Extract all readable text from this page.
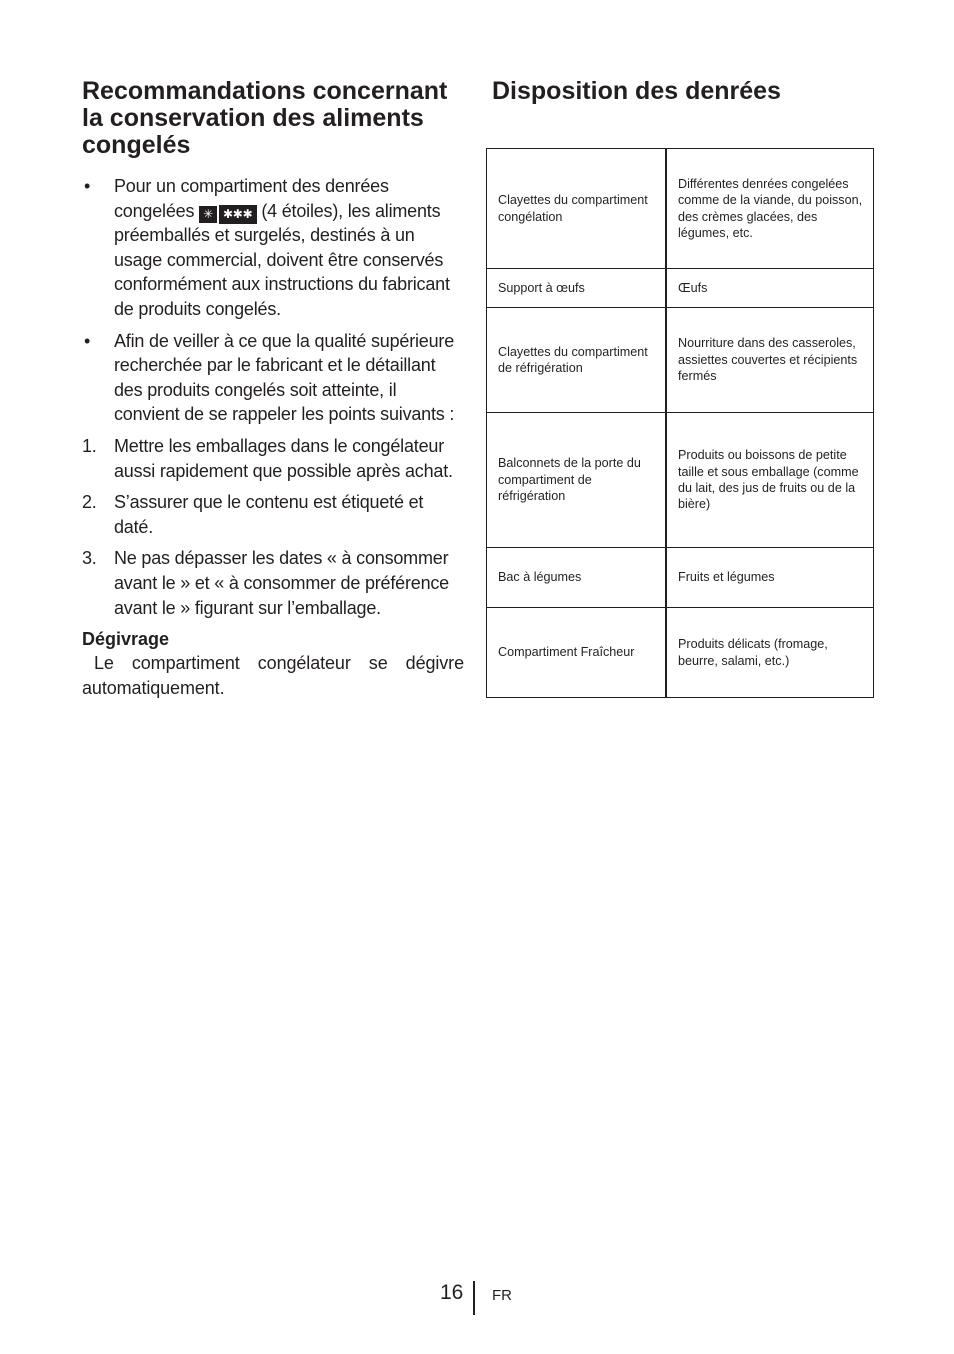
Recommandations concernant la conservation des aliments congelés
• Pour un compartiment des denrées congelées ✳ ✱✱✱ (4 étoiles), les aliments préemballés et surgelés, destinés à un usage commercial, doivent être conservés conformément aux instructions du fabricant de produits congelés.
• Afin de veiller à ce que la qualité supérieure recherchée par le fabricant et le détaillant des produits congelés soit atteinte, il convient de se rappeler les points suivants :
1. Mettre les emballages dans le congélateur aussi rapidement que possible après achat.
2. S’assurer que le contenu est étiqueté et daté.
3. Ne pas dépasser les dates « à consommer avant le » et « à consommer de préférence avant le » figurant sur l’emballage.
Dégivrage
Le compartiment congélateur se dégivre automatiquement.
Disposition des denrées
Clayettes du compartiment congélation	Différentes denrées congelées comme de la viande, du poisson, des crèmes glacées, des légumes, etc.
Support à œufs	Œufs
Clayettes du compartiment de réfrigération	Nourriture dans des casseroles, assiettes couvertes et récipients fermés
Balconnets de la porte du compartiment de réfrigération	Produits ou boissons de petite taille et sous emballage (comme du lait, des jus de fruits ou de la bière)
Bac à légumes	Fruits et légumes
Compartiment Fraîcheur	Produits délicats (fromage, beurre, salami, etc.)
16 FR
